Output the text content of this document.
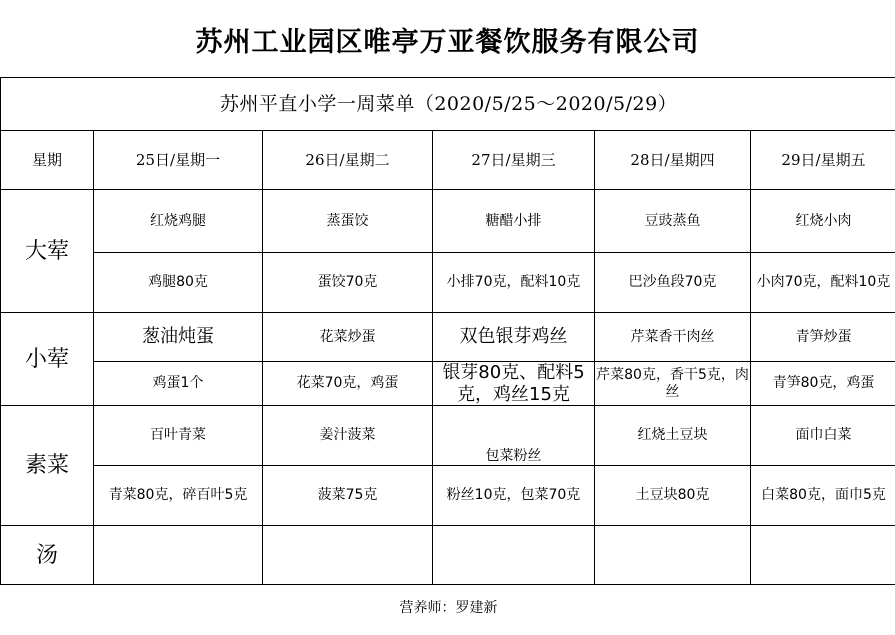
苏州工业园区唯亭万亚餐饮服务有限公司
苏州平直小学一周菜单（2020/5/25～2020/5/29）					
星期	25日/星期一	26日/星期二	27日/星期三	28日/星期四	29日/星期五
大荤	红烧鸡腿	蒸蛋饺	糖醋小排	豆豉蒸鱼	红烧小肉
	鸡腿80克	蛋饺70克	小排70克，配料10克	巴沙鱼段70克	小肉70克，配料10克
小荤	葱油炖蛋	花菜炒蛋	双色银芽鸡丝	芹菜香干肉丝	青笋炒蛋
	鸡蛋1个	花菜70克，鸡蛋	银芽80克、配料5克，鸡丝15克	芹菜80克，香干5克，肉丝	青笋80克，鸡蛋
素菜	百叶青菜	姜汁菠菜	包菜粉丝	红烧土豆块	面巾白菜
	青菜80克，碎百叶5克	菠菜75克	粉丝10克，包菜70克	土豆块80克	白菜80克，面巾5克
汤					
营养师：罗建新					
